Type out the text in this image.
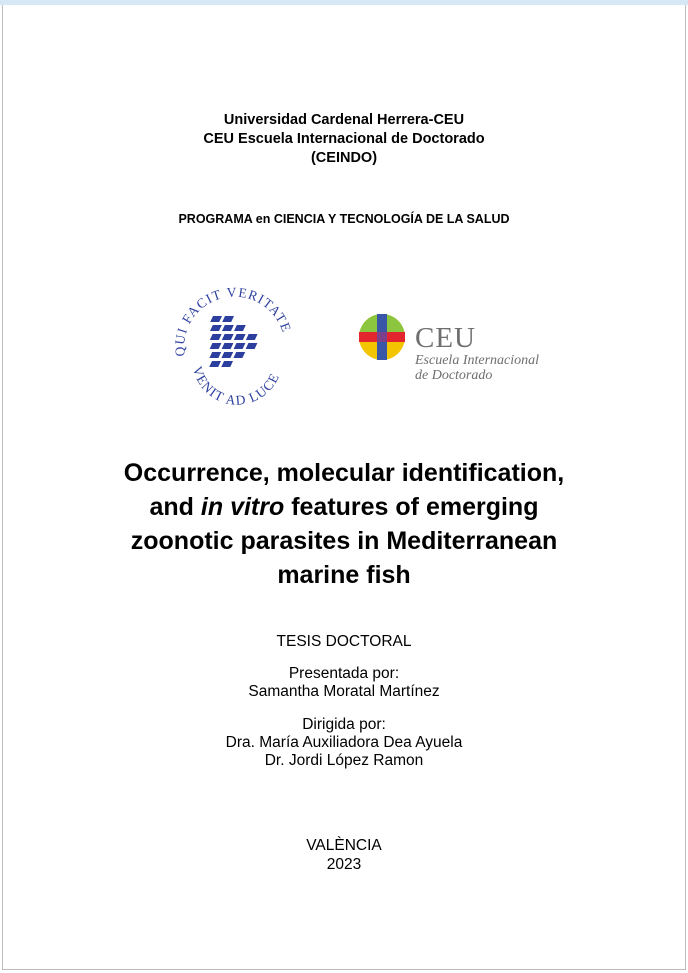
Universidad Cardenal Herrera-CEU
CEU Escuela Internacional de Doctorado
(CEINDO)
PROGRAMA en CIENCIA Y TECNOLOGÍA DE LA SALUD
QUI FACIT VERITATE
VENIT AD LUCE
CEU
Escuela Internacional
de Doctorado
Occurrence, molecular identification,
and in vitro features of emerging
zoonotic parasites in Mediterranean
marine fish
TESIS DOCTORAL
Presentada por:
Samantha Moratal Martínez
Dirigida por:
Dra. María Auxiliadora Dea Ayuela
Dr. Jordi López Ramon
VALÈNCIA
2023
